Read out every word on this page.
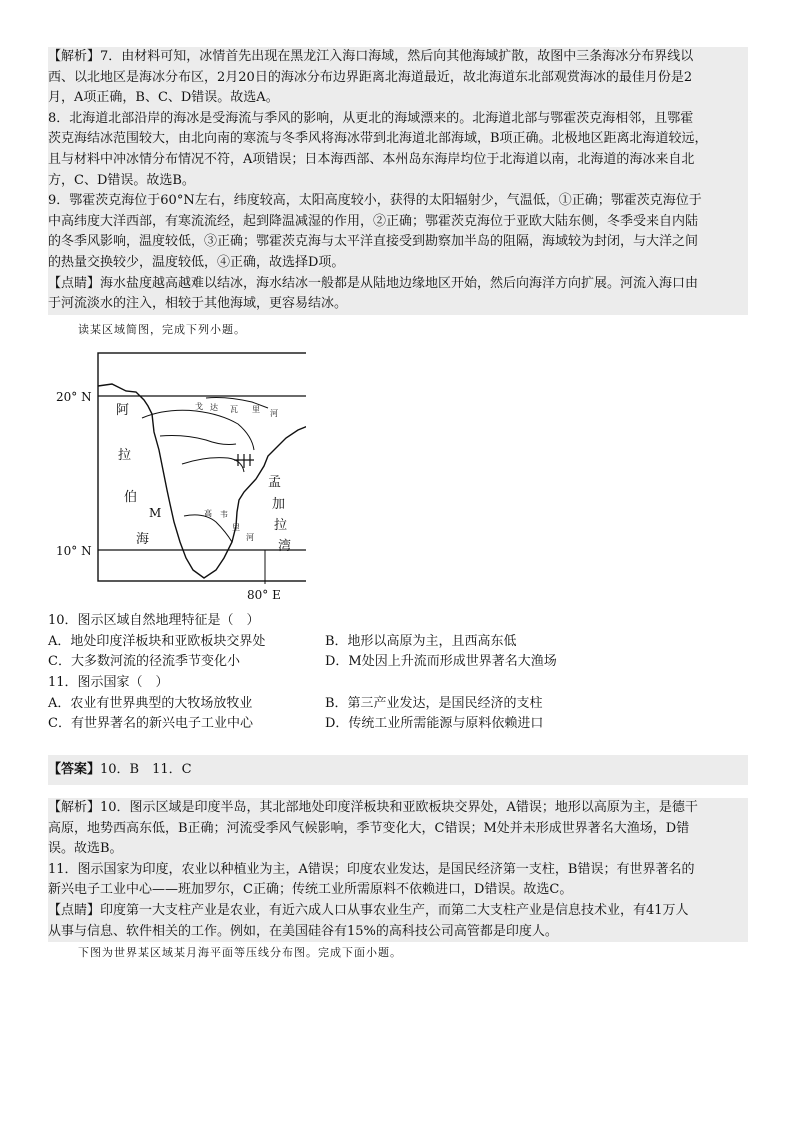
【解析】7．由材料可知，冰情首先出现在黑龙江入海口海域，然后向其他海域扩散，故图中三条海冰分布界线以
西、以北地区是海冰分布区，2月20日的海冰分布边界距离北海道最近，故北海道东北部观赏海冰的最佳月份是2
月，A项正确，B、C、D错误。故选A。
8．北海道北部沿岸的海冰是受海流与季风的影响，从更北的海域漂来的。北海道北部与鄂霍茨克海相邻，且鄂霍
茨克海结冰范围较大，由北向南的寒流与冬季风将海冰带到北海道北部海域，B项正确。北极地区距离北海道较远，
且与材料中冲冰情分布情况不符，A项错误；日本海西部、本州岛东海岸均位于北海道以南，北海道的海冰来自北
方，C、D错误。故选B。
9．鄂霍茨克海位于60°N左右，纬度较高，太阳高度较小，获得的太阳辐射少，气温低，①正确；鄂霍茨克海位于
中高纬度大洋西部，有寒流流经，起到降温减湿的作用，②正确；鄂霍茨克海位于亚欧大陆东侧，冬季受来自内陆
的冬季风影响，温度较低，③正确；鄂霍茨克海与太平洋直接受到勘察加半岛的阻隔，海域较为封闭，与大洋之间
的热量交换较少，温度较低，④正确，故选择D项。
【点睛】海水盐度越高越难以结冰，海水结冰一般都是从陆地边缘地区开始，然后向海洋方向扩展。河流入海口由
于河流淡水的注入，相较于其他海域，更容易结冰。
读某区域简图，完成下列小题。
20° N
10° N
80° E
阿
拉
伯
海
孟
加
拉
湾
M
戈 达 瓦 里 河
高 韦
里
河
10．图示区域自然地理特征是（　）
A．地处印度洋板块和亚欧板块交界处	B．地形以高原为主，且西高东低
C．大多数河流的径流季节变化小	D．M处因上升流而形成世界著名大渔场
11．图示国家（　）
A．农业有世界典型的大牧场放牧业	B．第三产业发达，是国民经济的支柱
C．有世界著名的新兴电子工业中心	D．传统工业所需能源与原料依赖进口
【答案】10．B　11．C
【解析】10．图示区域是印度半岛，其北部地处印度洋板块和亚欧板块交界处，A错误；地形以高原为主，是德干
高原，地势西高东低，B正确；河流受季风气候影响，季节变化大，C错误；M处并未形成世界著名大渔场，D错
误。故选B。
11．图示国家为印度，农业以种植业为主，A错误；印度农业发达，是国民经济第一支柱，B错误；有世界著名的
新兴电子工业中心——班加罗尔，C正确；传统工业所需原料不依赖进口，D错误。故选C。
【点睛】印度第一大支柱产业是农业，有近六成人口从事农业生产，而第二大支柱产业是信息技术业，有41万人
从事与信息、软件相关的工作。例如，在美国硅谷有15%的高科技公司高管都是印度人。
下图为世界某区域某月海平面等压线分布图。完成下面小题。
